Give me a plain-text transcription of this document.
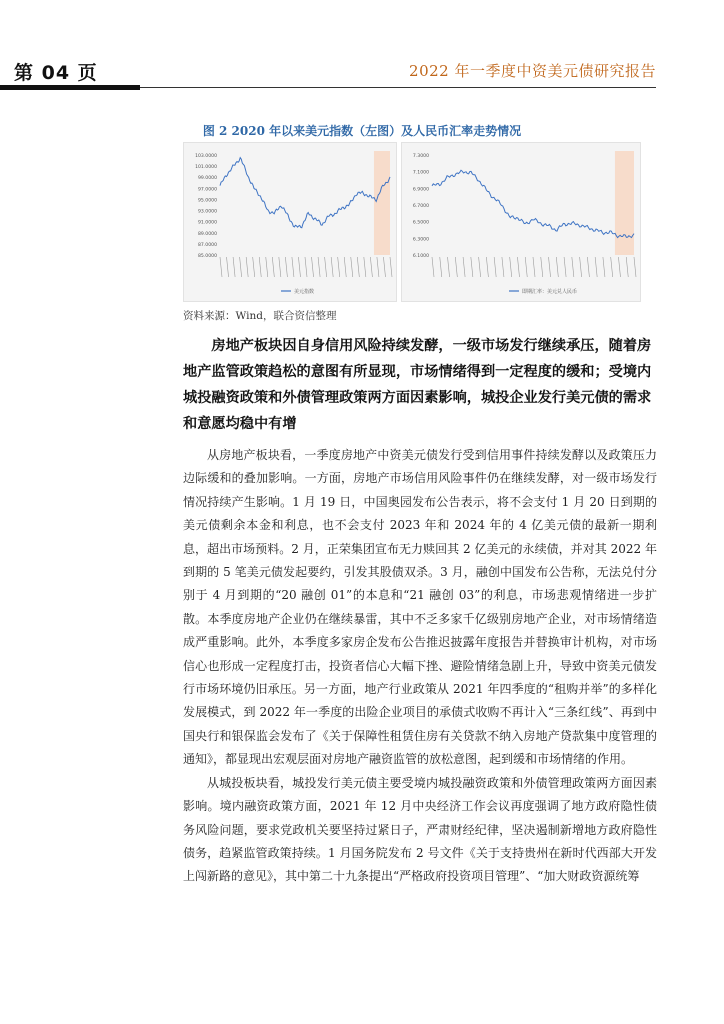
第 04 页	2022 年一季度中资美元债研究报告
图 2 2020 年以来美元指数（左图）及人民币汇率走势情况
85.0000
87.0000
89.0000
91.0000
93.0000
95.0000
97.0000
99.0000
101.0000
103.0000
美元指数
6.1000
6.3000
6.5000
6.7000
6.9000
7.1000
7.3000
即期汇率：美元兑人民币
资料来源：Wind，联合资信整理
房地产板块因自身信用风险持续发酵，一级市场发行继续承压，随着房地产监管政策趋松的意图有所显现，市场情绪得到一定程度的缓和；受境内城投融资政策和外债管理政策两方面因素影响，城投企业发行美元债的需求和意愿均稳中有增

从房地产板块看，一季度房地产中资美元债发行受到信用事件持续发酵以及政策压力边际缓和的叠加影响。一方面，房地产市场信用风险事件仍在继续发酵，对一级市场发行情况持续产生影响。1 月 19 日，中国奥园发布公告表示，将不会支付 1 月 20 日到期的美元债剩余本金和利息，也不会支付 2023 年和 2024 年的 4 亿美元债的最新一期利息，超出市场预料。2 月，正荣集团宣布无力赎回其 2 亿美元的永续债，并对其 2022 年到期的 5 笔美元债发起要约，引发其股债双杀。3 月，融创中国发布公告称，无法兑付分别于 4 月到期的“20 融创 01”的本息和“21 融创 03”的利息，市场悲观情绪进一步扩散。本季度房地产企业仍在继续暴雷，其中不乏多家千亿级别房地产企业，对市场情绪造成严重影响。此外，本季度多家房企发布公告推迟披露年度报告并替换审计机构，对市场信心也形成一定程度打击，投资者信心大幅下挫、避险情绪急剧上升，导致中资美元债发行市场环境仍旧承压。另一方面，地产行业政策从 2021 年四季度的“租购并举”的多样化发展模式，到 2022 年一季度的出险企业项目的承债式收购不再计入“三条红线”、再到中国央行和银保监会发布了《关于保障性租赁住房有关贷款不纳入房地产贷款集中度管理的通知》，都显现出宏观层面对房地产融资监管的放松意图，起到缓和市场情绪的作用。

从城投板块看，城投发行美元债主要受境内城投融资政策和外债管理政策两方面因素影响。境内融资政策方面，2021 年 12 月中央经济工作会议再度强调了地方政府隐性债务风险问题，要求党政机关要坚持过紧日子，严肃财经纪律，坚决遏制新增地方政府隐性债务，趋紧监管政策持续。1 月国务院发布 2 号文件《关于支持贵州在新时代西部大开发上闯新路的意见》，其中第二十九条提出“严格政府投资项目管理”、“加大财政资源统筹
